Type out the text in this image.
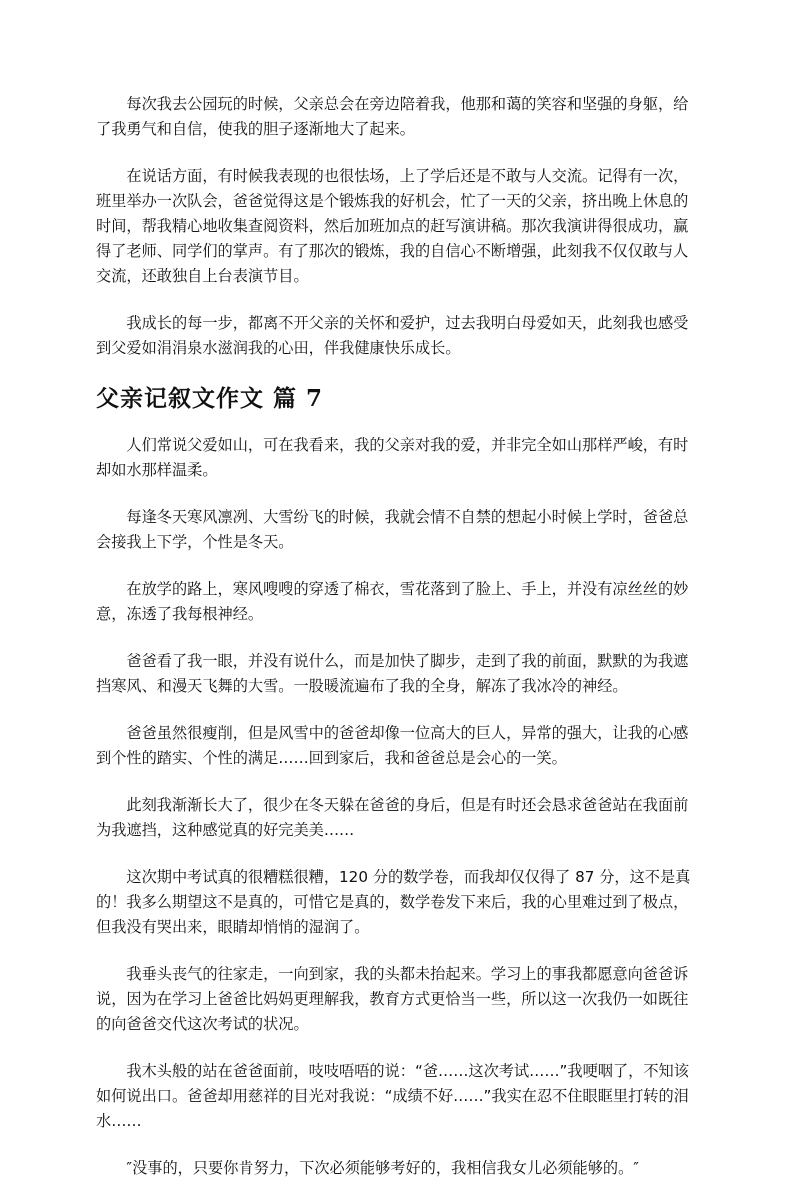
每次我去公园玩的时候，父亲总会在旁边陪着我，他那和蔼的笑容和坚强的身躯，给了我勇气和自信，使我的胆子逐渐地大了起来。

在说话方面，有时候我表现的也很怯场，上了学后还是不敢与人交流。记得有一次，班里举办一次队会，爸爸觉得这是个锻炼我的好机会，忙了一天的父亲，挤出晚上休息的时间，帮我精心地收集查阅资料，然后加班加点的赶写演讲稿。那次我演讲得很成功，赢得了老师、同学们的掌声。有了那次的锻炼，我的自信心不断增强，此刻我不仅仅敢与人交流，还敢独自上台表演节目。

我成长的每一步，都离不开父亲的关怀和爱护，过去我明白母爱如天，此刻我也感受到父爱如涓涓泉水滋润我的心田，伴我健康快乐成长。

父亲记叙文作文 篇 7

人们常说父爱如山，可在我看来，我的父亲对我的爱，并非完全如山那样严峻，有时却如水那样温柔。

每逢冬天寒风凛冽、大雪纷飞的时候，我就会情不自禁的想起小时候上学时，爸爸总会接我上下学，个性是冬天。

在放学的路上，寒风嗖嗖的穿透了棉衣，雪花落到了脸上、手上，并没有凉丝丝的妙意，冻透了我每根神经。

爸爸看了我一眼，并没有说什么，而是加快了脚步，走到了我的前面，默默的为我遮挡寒风、和漫天飞舞的大雪。一股暖流遍布了我的全身，解冻了我冰冷的神经。

爸爸虽然很瘦削，但是风雪中的爸爸却像一位高大的巨人，异常的强大，让我的心感到个性的踏实、个性的满足……回到家后，我和爸爸总是会心的一笑。

此刻我渐渐长大了，很少在冬天躲在爸爸的身后，但是有时还会恳求爸爸站在我面前为我遮挡，这种感觉真的好完美美……

这次期中考试真的很糟糕很糟，120 分的数学卷，而我却仅仅得了 87 分，这不是真的！我多么期望这不是真的，可惜它是真的，数学卷发下来后，我的心里难过到了极点，但我没有哭出来，眼睛却悄悄的湿润了。

我垂头丧气的往家走，一向到家，我的头都未抬起来。学习上的事我都愿意向爸爸诉说，因为在学习上爸爸比妈妈更理解我，教育方式更恰当一些，所以这一次我仍一如既往的向爸爸交代这次考试的状况。

我木头般的站在爸爸面前，吱吱唔唔的说：“爸……这次考试……”我哽咽了，不知该如何说出口。爸爸却用慈祥的目光对我说：“成绩不好……”我实在忍不住眼眶里打转的泪水……

″没事的，只要你肯努力，下次必须能够考好的，我相信我女儿必须能够的。″
